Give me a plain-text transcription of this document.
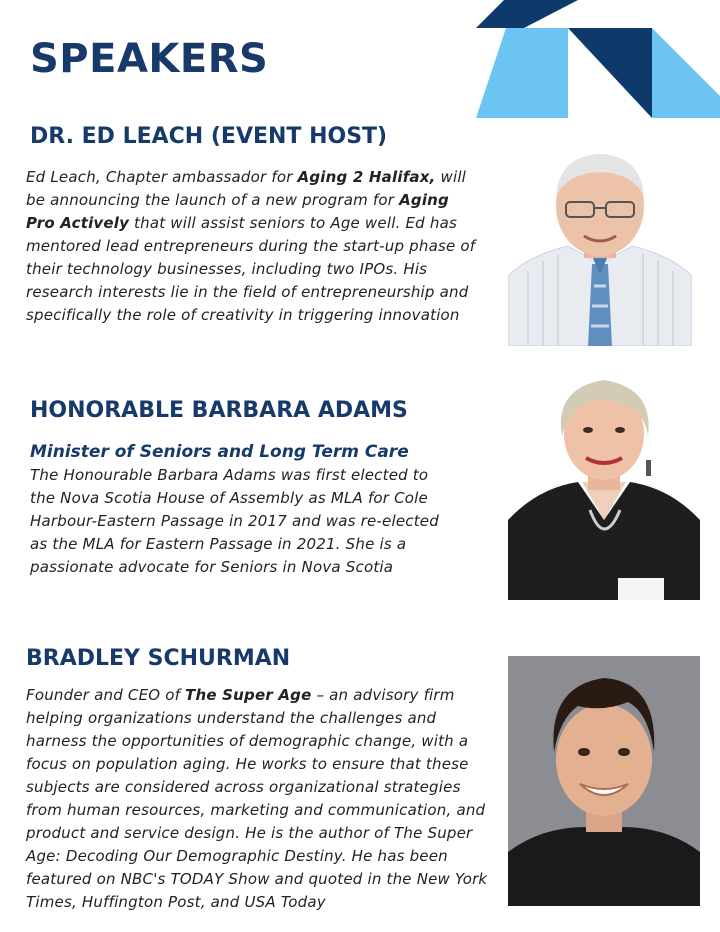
SPEAKERS
DR. ED LEACH (EVENT HOST)

Ed Leach, Chapter ambassador for Aging 2 Halifax, will be announcing the launch of a new program for Aging Pro Actively that will assist seniors to Age well. Ed has mentored lead entrepreneurs during the start-up phase of their technology businesses, including two IPOs. His research interests lie in the field of entrepreneurship and specifically the role of creativity in triggering innovation

HONORABLE BARBARA ADAMS
Minister of Seniors and Long Term Care

The Honourable Barbara Adams was first elected to the Nova Scotia House of Assembly as MLA for Cole Harbour-Eastern Passage in 2017 and was re-elected as the MLA for Eastern Passage in 2021. She is a passionate advocate for Seniors in Nova Scotia

BRADLEY SCHURMAN

Founder and CEO of The Super Age – an advisory firm helping organizations understand the challenges and harness the opportunities of demographic change, with a focus on population aging. He works to ensure that these subjects are considered across organizational strategies from human resources, marketing and communication, and product and service design. He is the author of The Super Age: Decoding Our Demographic Destiny. He has been featured on NBC's TODAY Show and quoted in the New York Times, Huffington Post, and USA Today
